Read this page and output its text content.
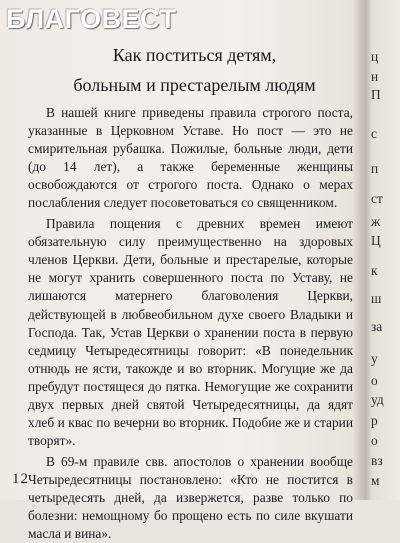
БЛАГОВЕСТ
Как поститься детям,
больным и престарелым людям

В нашей книге приведены правила строгого поста, указанные в Церковном Уставе. Но пост — это не смирительная рубашка. Пожилые, больные люди, дети (до 14 лет), а также беременные женщины освобождаются от строгого поста. Однако о мерах послабления следует посоветоваться со священником.

Правила пощения с древних времен имеют обязательную силу преимущественно на здоровых членов Церкви. Дети, больные и престарелые, которые не могут хранить совершенного поста по Уставу, не лишаются матернего благоволения Церкви, действующей в любвеобильном духе своего Владыки и Господа. Так, Устав Церкви о хранении поста в первую седмицу Четыредесятницы говорит: «В понедельник отнюдь не ясти, такожде и во вторник. Могущие же да пребудут постящеся до пятка. Немогущие же сохранити двух первых дней святой Четыредесятницы, да ядят хлеб и квас по вечерни во вторник. Подобие же и старии творят».

В 69-м правиле свв. апостолов о хранении вообще Четыредесятницы постановлено: «Кто не постится в четыредесять дней, да извержется, разве только по болезни: немощному бо прощено есть по силе вкушати масла и вина».

12
ц
н
П
с
п
ст
ж
Ц
к
ш
за
у
о
уд
р
о
вз
м
